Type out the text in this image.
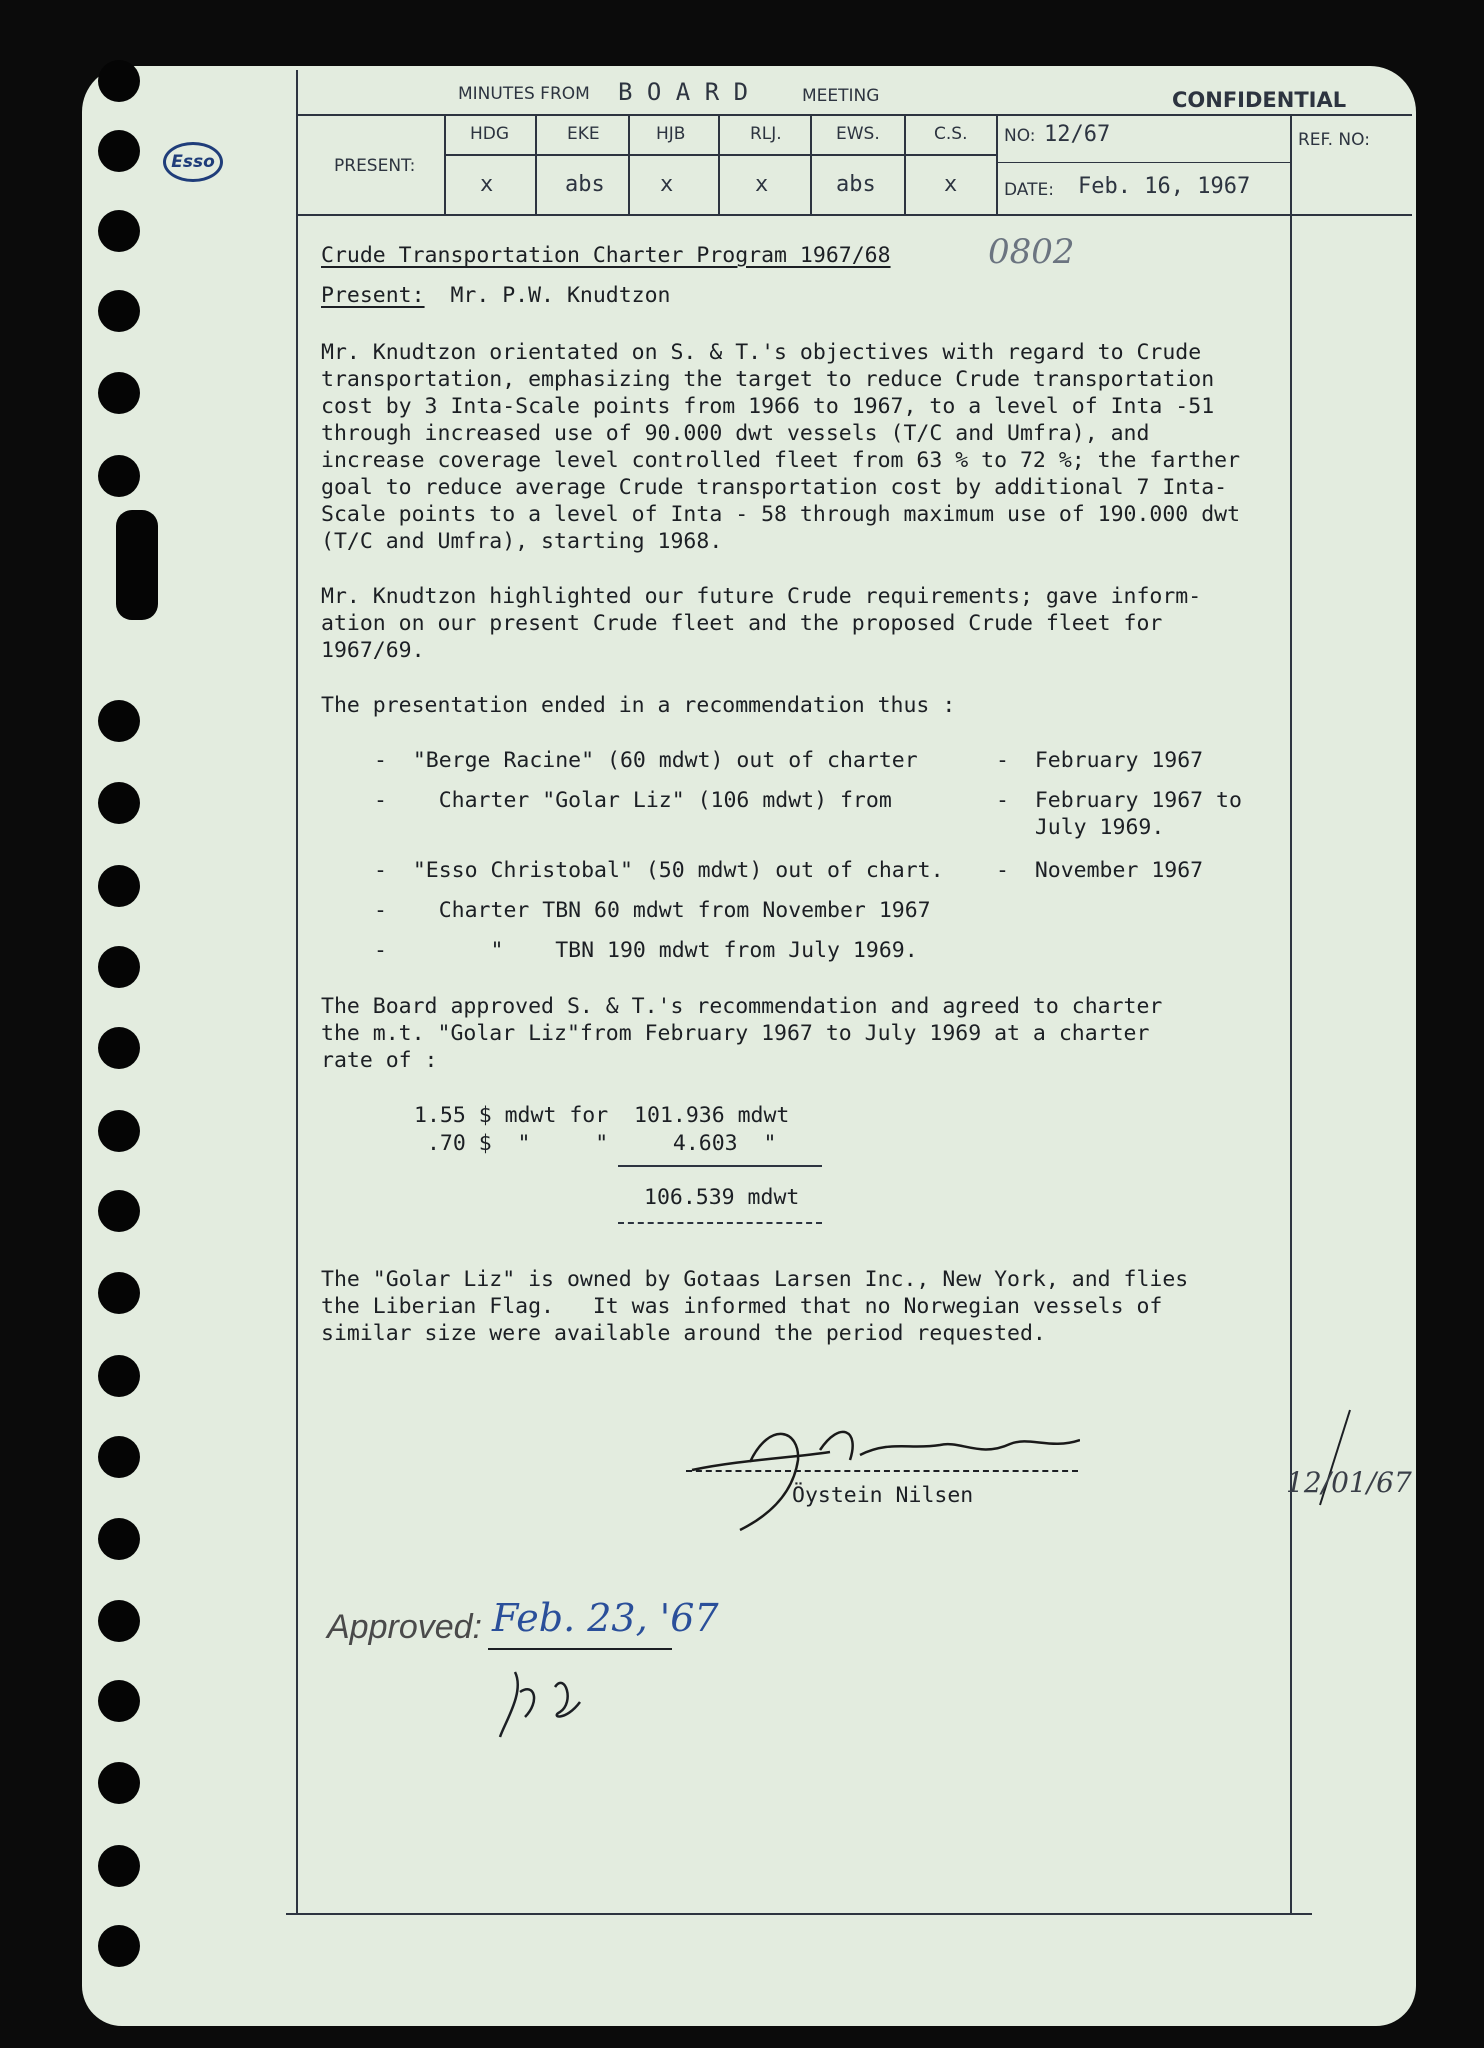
MINUTES FROM B O A R D	MEETING	CONFIDENTIAL
PRESENT:
HDG	EKE	HJB	RLJ.	EWS.	C.S.
x	abs	x	x	abs	x
NO: 12/67
DATE: Feb. 16, 1967
REF. NO:
Esso
0802
Crude Transportation Charter Program 1967/68
Present: Mr. P.W. Knudtzon
Mr. Knudtzon orientated on S. & T.'s objectives with regard to Crude
transportation, emphasizing the target to reduce Crude transportation
cost by 3 Inta-Scale points from 1966 to 1967, to a level of Inta -51
through increased use of 90.000 dwt vessels (T/C and Umfra), and
increase coverage level controlled fleet from 63 % to 72 %; the farther
goal to reduce average Crude transportation cost by additional 7 Inta-
Scale points to a level of Inta - 58 through maximum use of 190.000 dwt
(T/C and Umfra), starting 1968.
Mr. Knudtzon highlighted our future Crude requirements; gave inform-
ation on our present Crude fleet and the proposed Crude fleet for
1967/69.
The presentation ended in a recommendation thus :
-  "Berge Racine" (60 mdwt) out of charter	-  February 1967
-    Charter "Golar Liz" (106 mdwt) from	-  February 1967 to
July 1969.
-  "Esso Christobal" (50 mdwt) out of chart. -  November 1967
-    Charter TBN 60 mdwt from November 1967
-        "    TBN 190 mdwt from July 1969.
The Board approved S. & T.'s recommendation and agreed to charter
the m.t. "Golar Liz"from February 1967 to July 1969 at a charter
rate of :
1.55 $ mdwt for  101.936 mdwt
.70 $  "     "     4.603  "
106.539 mdwt
The "Golar Liz" is owned by Gotaas Larsen Inc., New York, and flies
the Liberian Flag.   It was informed that no Norwegian vessels of
similar size were available around the period requested.
Öystein Nilsen	12/01/67
Approved: Feb. 23, '67
